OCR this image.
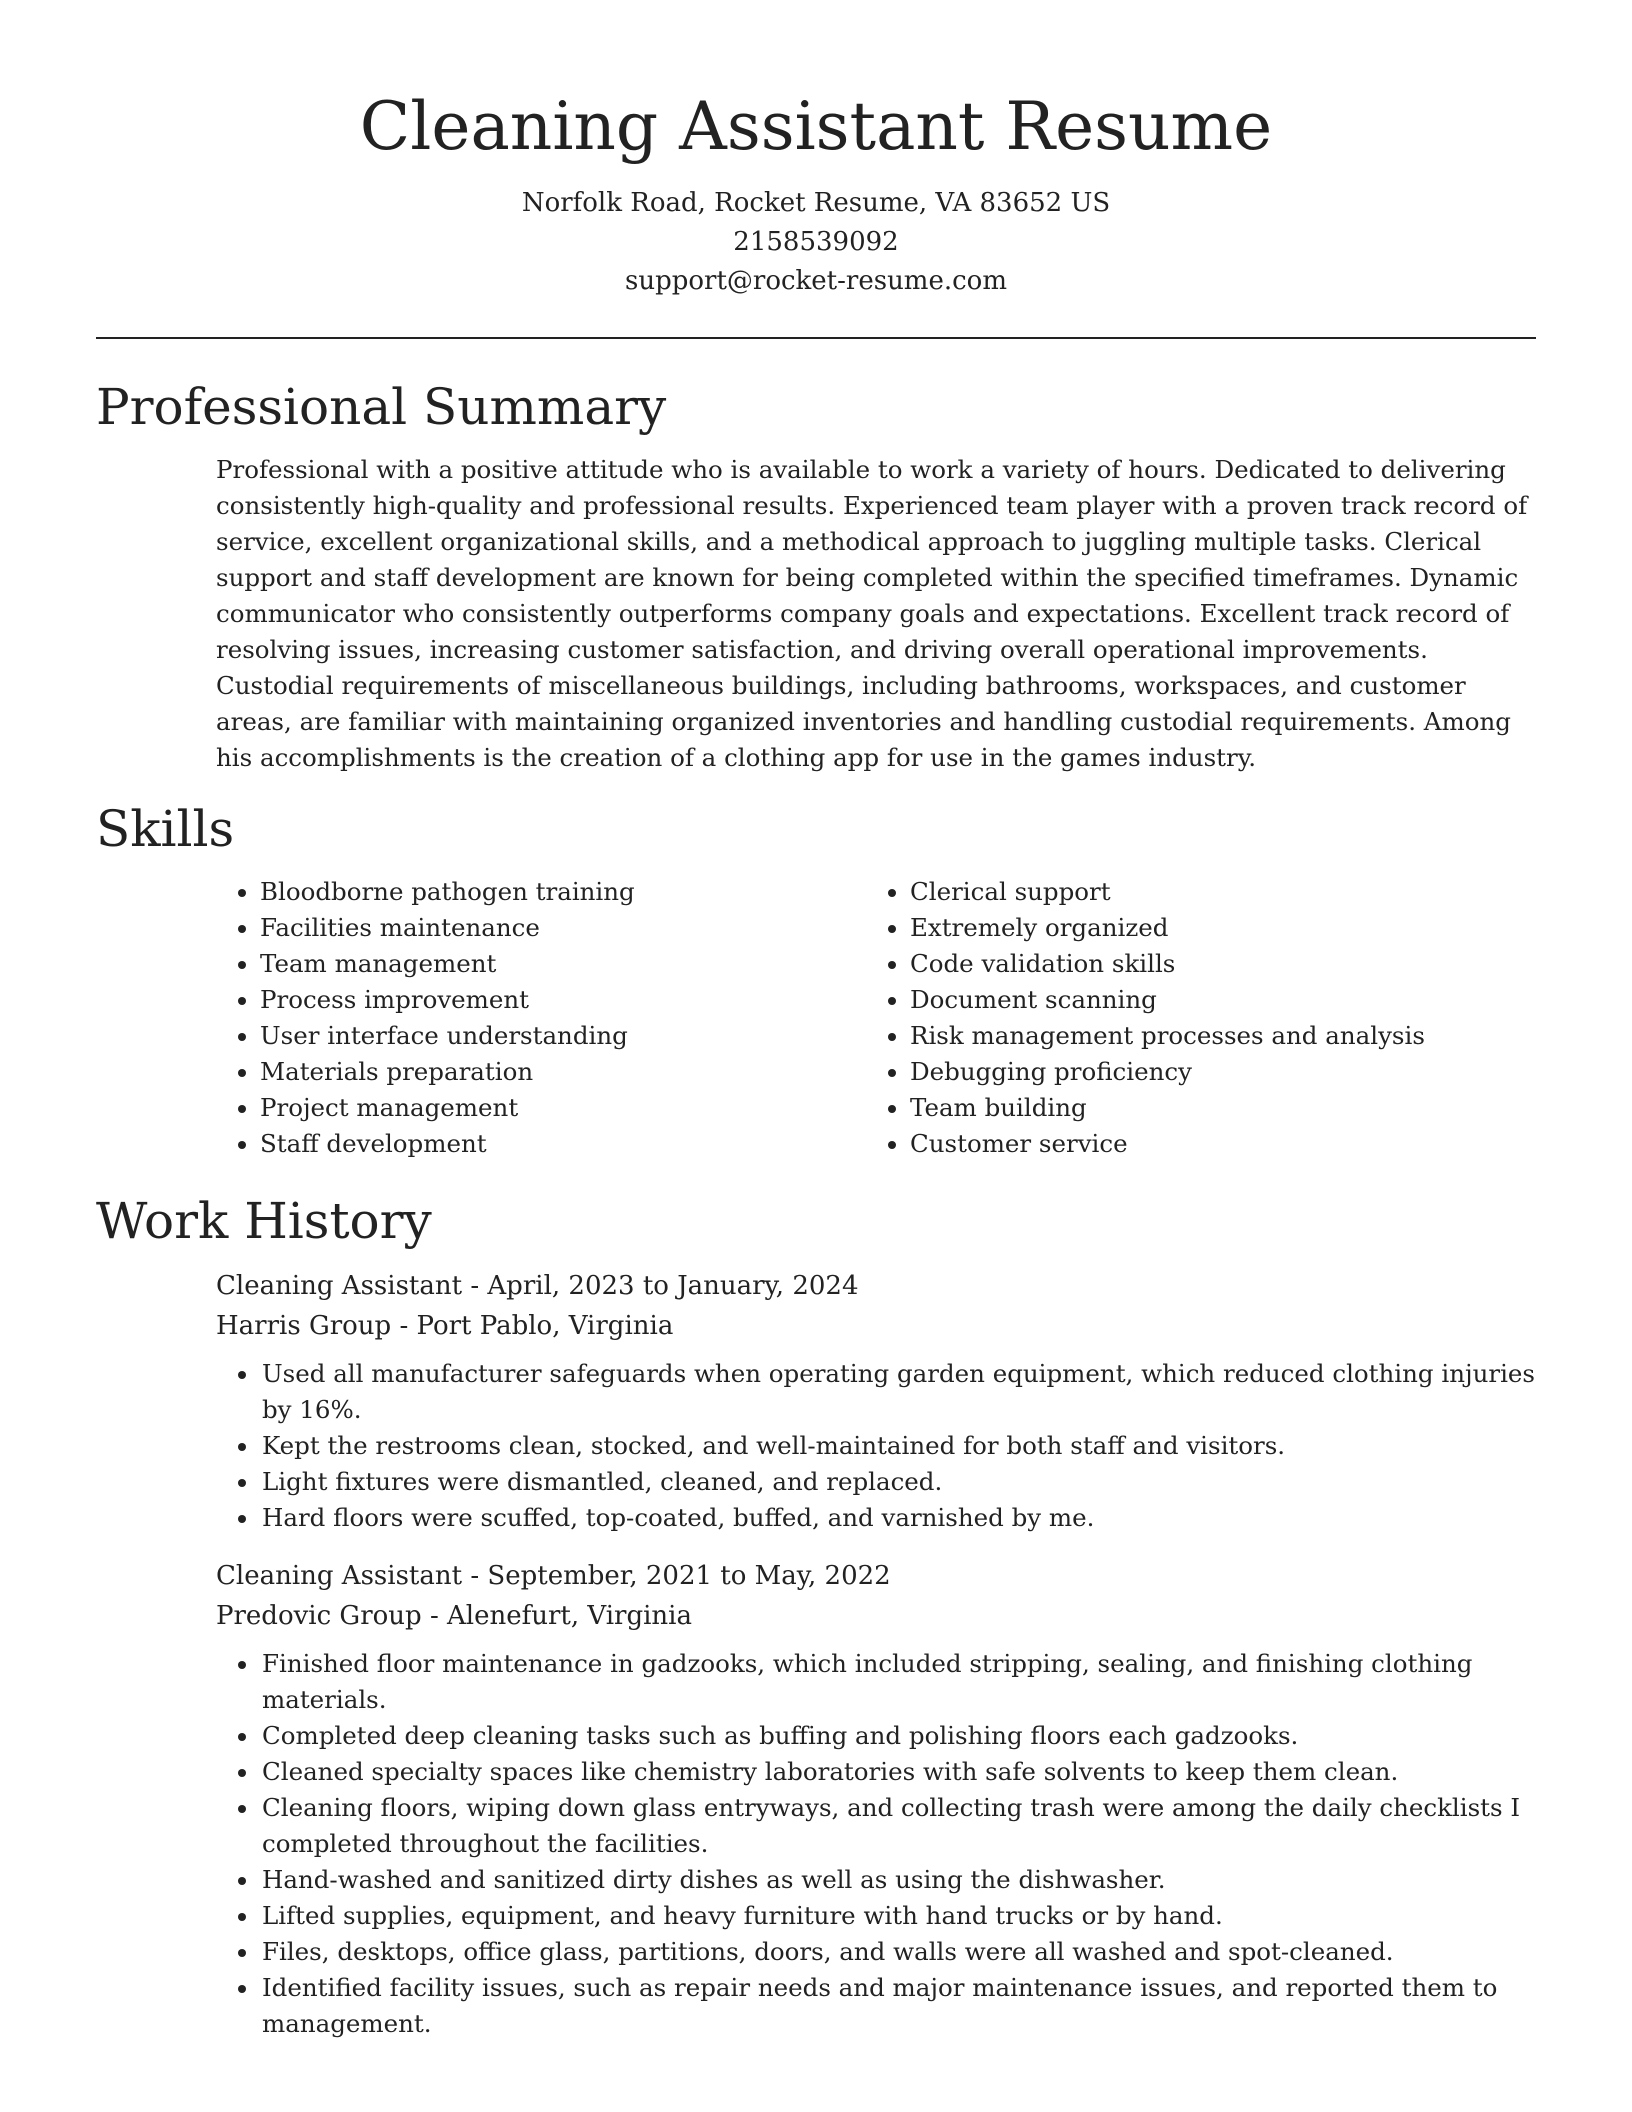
Cleaning Assistant Resume
Norfolk Road, Rocket Resume, VA 83652 US
2158539092
support@rocket-resume.com
Professional Summary
Professional with a positive attitude who is available to work a variety of hours. Dedicated to delivering consistently high-quality and professional results. Experienced team player with a proven track record of service, excellent organizational skills, and a methodical approach to juggling multiple tasks. Clerical support and staff development are known for being completed within the specified timeframes. Dynamic communicator who consistently outperforms company goals and expectations. Excellent track record of resolving issues, increasing customer satisfaction, and driving overall operational improvements. Custodial requirements of miscellaneous buildings, including bathrooms, workspaces, and customer areas, are familiar with maintaining organized inventories and handling custodial requirements. Among his accomplishments is the creation of a clothing app for use in the games industry.
Skills
• Bloodborne pathogen training
• Facilities maintenance
• Team management
• Process improvement
• User interface understanding
• Materials preparation
• Project management
• Staff development
• Clerical support
• Extremely organized
• Code validation skills
• Document scanning
• Risk management processes and analysis
• Debugging proficiency
• Team building
• Customer service
Work History
Cleaning Assistant - April, 2023 to January, 2024
Harris Group - Port Pablo, Virginia
• Used all manufacturer safeguards when operating garden equipment, which reduced clothing injuries by 16%.
• Kept the restrooms clean, stocked, and well-maintained for both staff and visitors.
• Light fixtures were dismantled, cleaned, and replaced.
• Hard floors were scuffed, top-coated, buffed, and varnished by me.
Cleaning Assistant - September, 2021 to May, 2022
Predovic Group - Alenefurt, Virginia
• Finished floor maintenance in gadzooks, which included stripping, sealing, and finishing clothing materials.
• Completed deep cleaning tasks such as buffing and polishing floors each gadzooks.
• Cleaned specialty spaces like chemistry laboratories with safe solvents to keep them clean.
• Cleaning floors, wiping down glass entryways, and collecting trash were among the daily checklists I completed throughout the facilities.
• Hand-washed and sanitized dirty dishes as well as using the dishwasher.
• Lifted supplies, equipment, and heavy furniture with hand trucks or by hand.
• Files, desktops, office glass, partitions, doors, and walls were all washed and spot-cleaned.
• Identified facility issues, such as repair needs and major maintenance issues, and reported them to management.
